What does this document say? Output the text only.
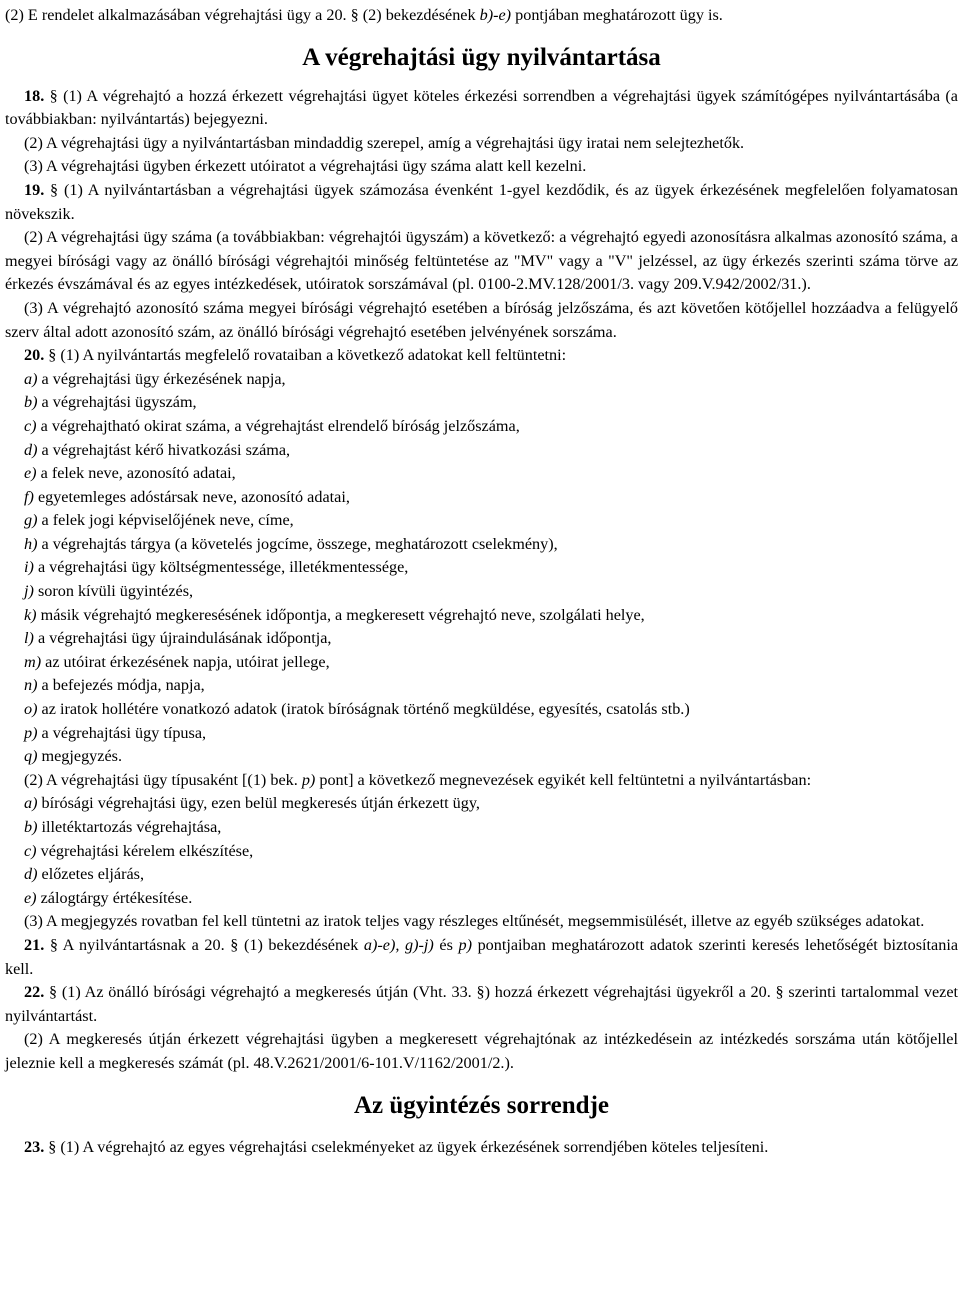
(2) E rendelet alkalmazásában végrehajtási ügy a 20. § (2) bekezdésének b)-e) pontjában meghatározott ügy is.

A végrehajtási ügy nyilvántartása

18. § (1) A végrehajtó a hozzá érkezett végrehajtási ügyet köteles érkezési sorrendben a végrehajtási ügyek számítógépes nyilvántartásába (a továbbiakban: nyilvántartás) bejegyezni.

(2) A végrehajtási ügy a nyilvántartásban mindaddig szerepel, amíg a végrehajtási ügy iratai nem selejtezhetők.

(3) A végrehajtási ügyben érkezett utóiratot a végrehajtási ügy száma alatt kell kezelni.

19. § (1) A nyilvántartásban a végrehajtási ügyek számozása évenként 1-gyel kezdődik, és az ügyek érkezésének megfelelően folyamatosan növekszik.

(2) A végrehajtási ügy száma (a továbbiakban: végrehajtói ügyszám) a következő: a végrehajtó egyedi azonosításra alkalmas azonosító száma, a megyei bírósági vagy az önálló bírósági végrehajtói minőség feltüntetése az "MV" vagy a "V" jelzéssel, az ügy érkezés szerinti száma törve az érkezés évszámával és az egyes intézkedések, utóiratok sorszámával (pl. 0100-2.MV.128/2001/3. vagy 209.V.942/2002/31.).

(3) A végrehajtó azonosító száma megyei bírósági végrehajtó esetében a bíróság jelzőszáma, és azt követően kötőjellel hozzáadva a felügyelő szerv által adott azonosító szám, az önálló bírósági végrehajtó esetében jelvényének sorszáma.

20. § (1) A nyilvántartás megfelelő rovataiban a következő adatokat kell feltüntetni:

a) a végrehajtási ügy érkezésének napja,

b) a végrehajtási ügyszám,

c) a végrehajtható okirat száma, a végrehajtást elrendelő bíróság jelzőszáma,

d) a végrehajtást kérő hivatkozási száma,

e) a felek neve, azonosító adatai,

f) egyetemleges adóstársak neve, azonosító adatai,

g) a felek jogi képviselőjének neve, címe,

h) a végrehajtás tárgya (a követelés jogcíme, összege, meghatározott cselekmény),

i) a végrehajtási ügy költségmentessége, illetékmentessége,

j) soron kívüli ügyintézés,

k) másik végrehajtó megkeresésének időpontja, a megkeresett végrehajtó neve, szolgálati helye,

l) a végrehajtási ügy újraindulásának időpontja,

m) az utóirat érkezésének napja, utóirat jellege,

n) a befejezés módja, napja,

o) az iratok hollétére vonatkozó adatok (iratok bíróságnak történő megküldése, egyesítés, csatolás stb.)

p) a végrehajtási ügy típusa,

q) megjegyzés.

(2) A végrehajtási ügy típusaként [(1) bek. p) pont] a következő megnevezések egyikét kell feltüntetni a nyilvántartásban:

a) bírósági végrehajtási ügy, ezen belül megkeresés útján érkezett ügy,

b) illetéktartozás végrehajtása,

c) végrehajtási kérelem elkészítése,

d) előzetes eljárás,

e) zálogtárgy értékesítése.

(3) A megjegyzés rovatban fel kell tüntetni az iratok teljes vagy részleges eltűnését, megsemmisülését, illetve az egyéb szükséges adatokat.

21. § A nyilvántartásnak a 20. § (1) bekezdésének a)-e), g)-j) és p) pontjaiban meghatározott adatok szerinti keresés lehetőségét biztosítania kell.

22. § (1) Az önálló bírósági végrehajtó a megkeresés útján (Vht. 33. §) hozzá érkezett végrehajtási ügyekről a 20. § szerinti tartalommal vezet nyilvántartást.

(2) A megkeresés útján érkezett végrehajtási ügyben a megkeresett végrehajtónak az intézkedésein az intézkedés sorszáma után kötőjellel jeleznie kell a megkeresés számát (pl. 48.V.2621/2001/6-101.V/1162/2001/2.).

Az ügyintézés sorrendje

23. § (1) A végrehajtó az egyes végrehajtási cselekményeket az ügyek érkezésének sorrendjében köteles teljesíteni.
